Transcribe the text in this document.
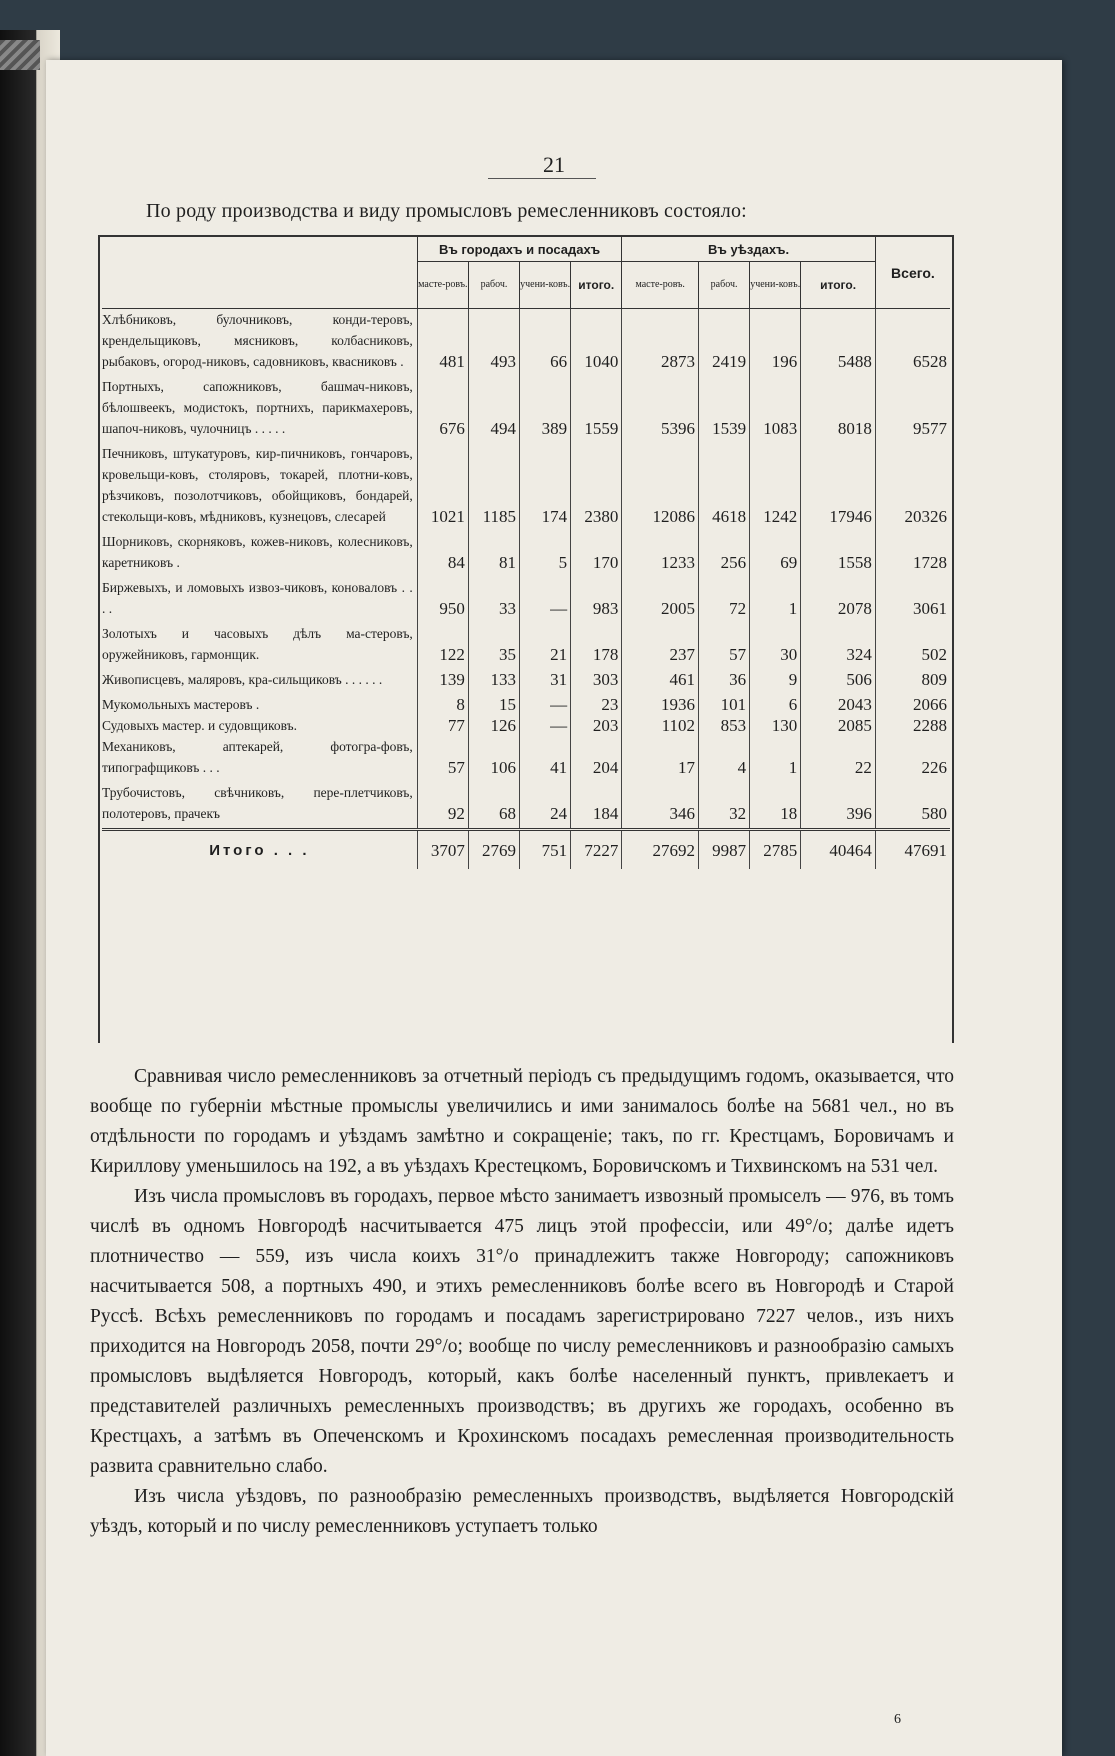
21
По роду производства и виду промысловъ ремесленниковъ состояло:
	Въ городахъ и посадахъ				Въ уѣздахъ.				Всего.
	масте-ровъ.	рабоч.	учени-ковъ.	итого.	масте-ровъ.	рабоч.	учени-ковъ.	итого.	
Хлѣбниковъ, булочниковъ, конди-теровъ, крендельщиковъ, мясниковъ, колбасниковъ, рыбаковъ, огород-никовъ, садовниковъ, квасниковъ .	481	493	66	1040	2873	2419	196	5488	6528
Портныхъ, сапожниковъ, башмач-никовъ, бѣлошвеекъ, модистокъ, портнихъ, парикмахеровъ, шапоч-никовъ, чулочницъ . . . . .	676	494	389	1559	5396	1539	1083	8018	9577
Печниковъ, штукатуровъ, кир-пичниковъ, гончаровъ, кровельщи-ковъ, столяровъ, токарей, плотни-ковъ, рѣзчиковъ, позолотчиковъ, обойщиковъ, бондарей, стекольщи-ковъ, мѣдниковъ, кузнецовъ, слесарей	1021	1185	174	2380	12086	4618	1242	17946	20326
Шорниковъ, скорняковъ, кожев-никовъ, колесниковъ, каретниковъ .	84	81	5	170	1233	256	69	1558	1728
Биржевыхъ, и ломовыхъ извоз-чиковъ, коноваловъ . . . .	950	33	—	983	2005	72	1	2078	3061
Золотыхъ и часовыхъ дѣлъ ма-стеровъ, оружейниковъ, гармонщик.	122	35	21	178	237	57	30	324	502
Живописцевъ, маляровъ, кра-сильщиковъ . . . . . .	139	133	31	303	461	36	9	506	809
Мукомольныхъ мастеровъ .	8	15	—	23	1936	101	6	2043	2066
Судовыхъ мастер. и судовщиковъ.	77	126	—	203	1102	853	130	2085	2288
Механиковъ, аптекарей, фотогра-фовъ, типографщиковъ . . .	57	106	41	204	17	4	1	22	226
Трубочистовъ, свѣчниковъ, пере-плетчиковъ, полотеровъ, прачекъ	92	68	24	184	346	32	18	396	580
Итого . . .	3707	2769	751	7227	27692	9987	2785	40464	47691

Сравнивая число ремесленниковъ за отчетный періодъ съ предыдущимъ годомъ, оказывается, что вообще по губерніи мѣстные промыслы увеличились и ими занималось болѣе на 5681 чел., но въ отдѣльности по городамъ и уѣздамъ замѣтно и сокращеніе; такъ, по гг. Крестцамъ, Боровичамъ и Кириллову уменьшилось на 192, а въ уѣздахъ Крестецкомъ, Боровичскомъ и Тихвинскомъ на 531 чел.

Изъ числа промысловъ въ городахъ, первое мѣсто занимаетъ извозный промыселъ — 976, въ томъ числѣ въ одномъ Новгородѣ насчитывается 475 лицъ этой профессіи, или 49°/o; далѣе идетъ плотничество — 559, изъ числа коихъ 31°/o принадлежитъ также Новгороду; сапожниковъ насчитывается 508, а портныхъ 490, и этихъ ремесленниковъ болѣе всего въ Новгородѣ и Старой Руссѣ. Всѣхъ ремесленниковъ по городамъ и посадамъ зарегистрировано 7227 челов., изъ нихъ приходится на Новгородъ 2058, почти 29°/o; вообще по числу ремесленниковъ и разнообразію самыхъ промысловъ выдѣляется Новгородъ, который, какъ болѣе населенный пунктъ, привлекаетъ и представителей различныхъ ремесленныхъ производствъ; въ другихъ же городахъ, особенно въ Крестцахъ, а затѣмъ въ Опеченскомъ и Крохинскомъ посадахъ ремесленная производительность развита сравнительно слабо.

Изъ числа уѣздовъ, по разнообразію ремесленныхъ производствъ, выдѣляется Новгородскій уѣздъ, который и по числу ремесленниковъ уступаетъ только

6
